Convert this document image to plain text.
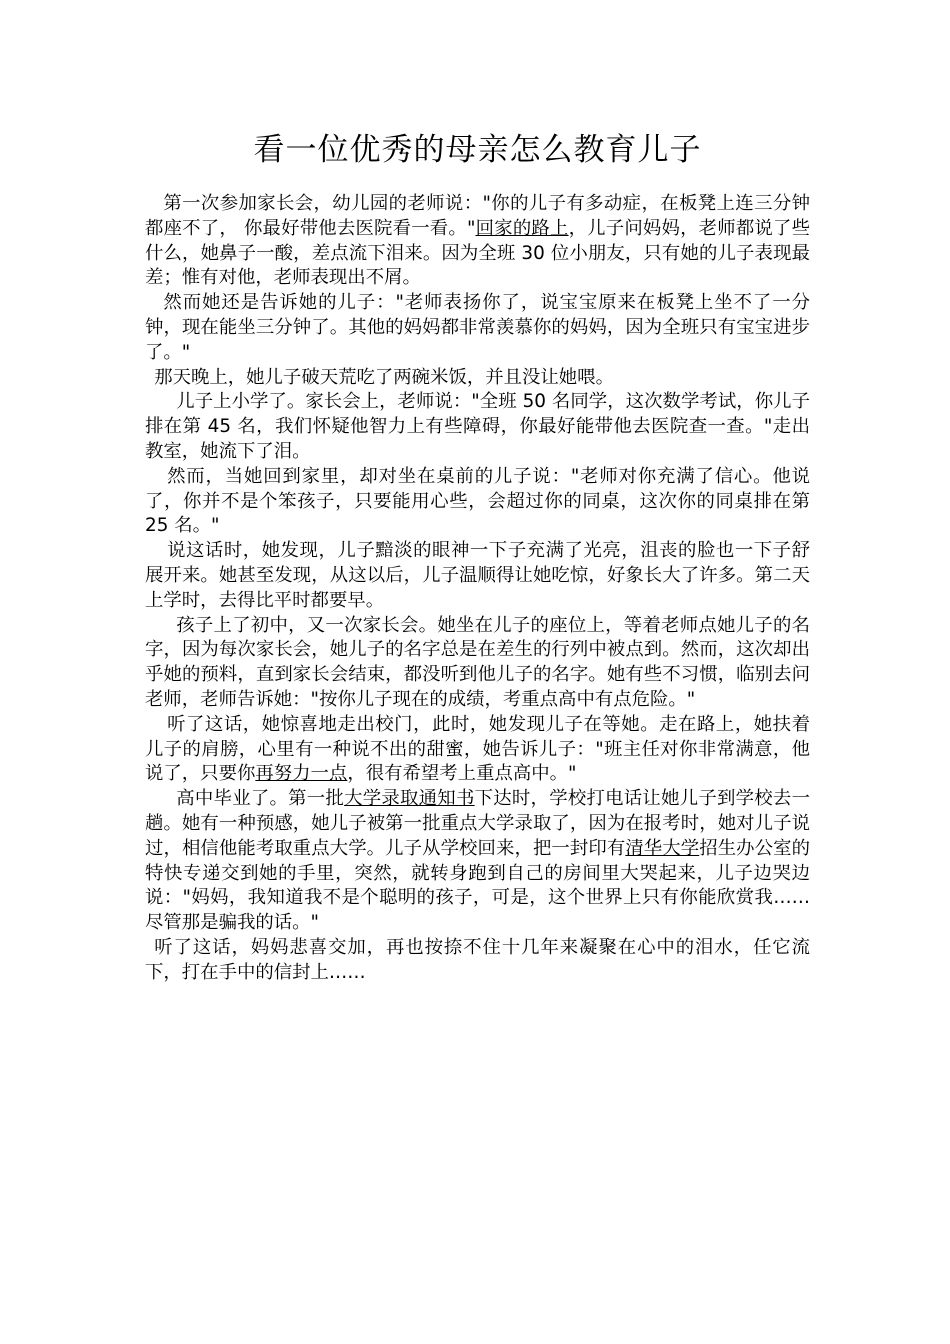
看一位优秀的母亲怎么教育儿子

第一次参加家长会，幼儿园的老师说："你的儿子有多动症，在板凳上连三分钟都座不了， 你最好带他去医院看一看。"回家的路上，儿子问妈妈，老师都说了些什么，她鼻子一酸，差点流下泪来。因为全班 30 位小朋友，只有她的儿子表现最差；惟有对他，老师表现出不屑。

然而她还是告诉她的儿子："老师表扬你了，说宝宝原来在板凳上坐不了一分钟，现在能坐三分钟了。其他的妈妈都非常羡慕你的妈妈，因为全班只有宝宝进步了。"

那天晚上，她儿子破天荒吃了两碗米饭，并且没让她喂。

儿子上小学了。家长会上，老师说："全班 50 名同学，这次数学考试，你儿子排在第 45 名，我们怀疑他智力上有些障碍，你最好能带他去医院查一查。"走出教室，她流下了泪。

然而，当她回到家里，却对坐在桌前的儿子说："老师对你充满了信心。他说了，你并不是个笨孩子，只要能用心些，会超过你的同桌，这次你的同桌排在第 25 名。"

说这话时，她发现，儿子黯淡的眼神一下子充满了光亮，沮丧的脸也一下子舒展开来。她甚至发现，从这以后，儿子温顺得让她吃惊，好象长大了许多。第二天上学时，去得比平时都要早。

孩子上了初中，又一次家长会。她坐在儿子的座位上，等着老师点她儿子的名字，因为每次家长会，她儿子的名字总是在差生的行列中被点到。然而，这次却出乎她的预料，直到家长会结束，都没听到他儿子的名字。她有些不习惯，临别去问老师，老师告诉她："按你儿子现在的成绩，考重点高中有点危险。"

听了这话，她惊喜地走出校门，此时，她发现儿子在等她。走在路上，她扶着儿子的肩膀，心里有一种说不出的甜蜜，她告诉儿子："班主任对你非常满意，他说了，只要你再努力一点，很有希望考上重点高中。"

高中毕业了。第一批大学录取通知书下达时，学校打电话让她儿子到学校去一趟。她有一种预感，她儿子被第一批重点大学录取了，因为在报考时，她对儿子说过，相信他能考取重点大学。儿子从学校回来，把一封印有清华大学招生办公室的特快专递交到她的手里，突然，就转身跑到自己的房间里大哭起来，儿子边哭边说："妈妈，我知道我不是个聪明的孩子，可是，这个世界上只有你能欣赏我……尽管那是骗我的话。"

听了这话，妈妈悲喜交加，再也按捺不住十几年来凝聚在心中的泪水，任它流下，打在手中的信封上……
